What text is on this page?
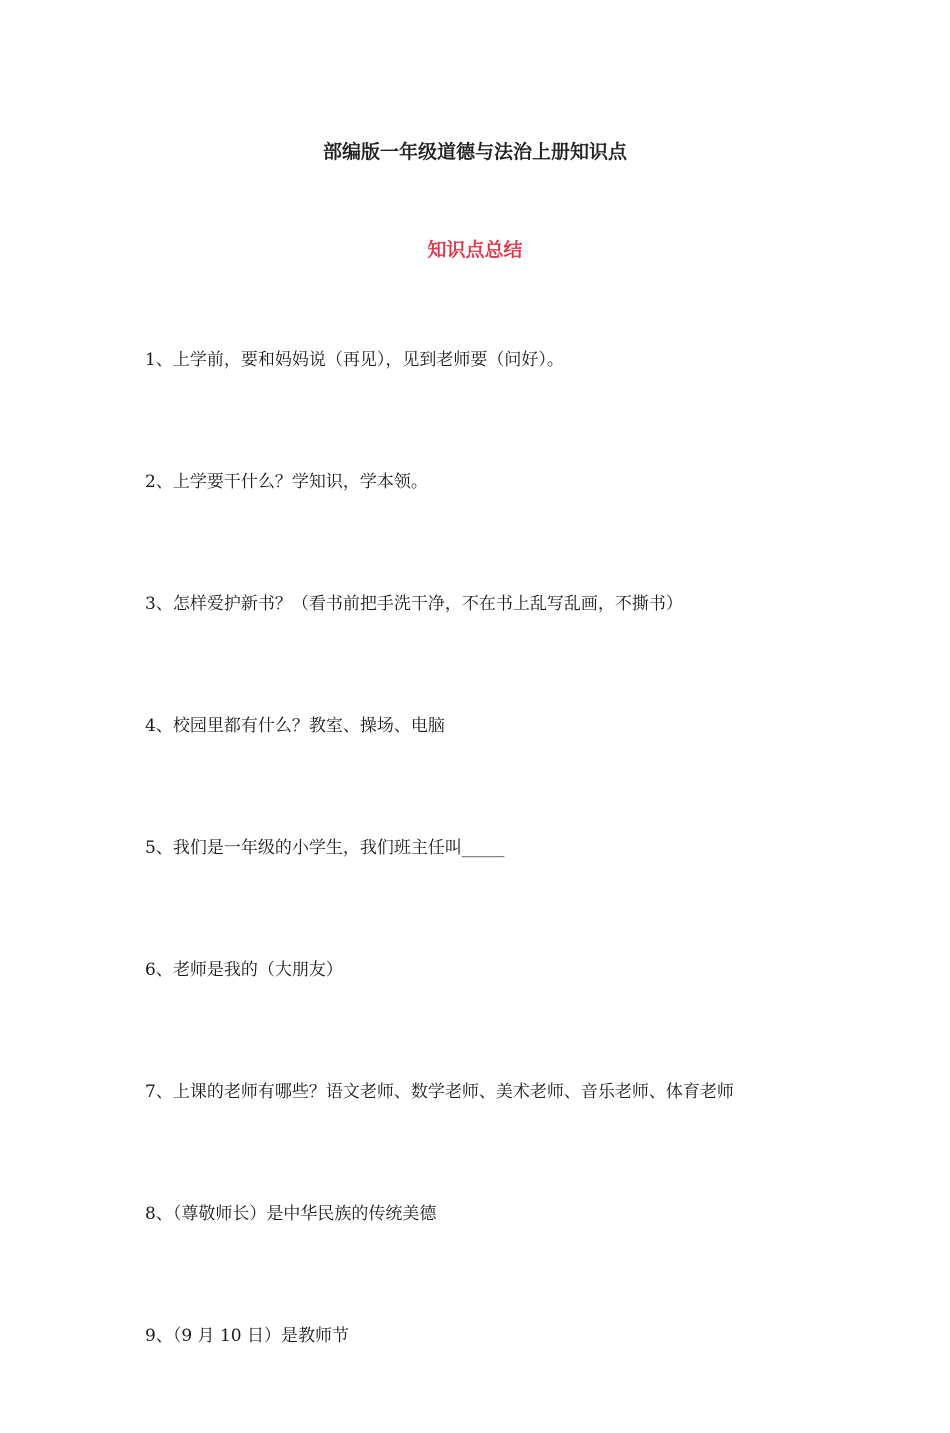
部编版一年级道德与法治上册知识点
知识点总结
1、上学前，要和妈妈说（再见），见到老师要（问好）。
2、上学要干什么？学知识，学本领。
3、怎样爱护新书？（看书前把手洗干净，不在书上乱写乱画，不撕书）
4、校园里都有什么？教室、操场、电脑
5、我们是一年级的小学生，我们班主任叫_____
6、老师是我的（大朋友）
7、上课的老师有哪些？语文老师、数学老师、美术老师、音乐老师、体育老师
8、（尊敬师长）是中华民族的传统美德
9、（9 月 10 日）是教师节
